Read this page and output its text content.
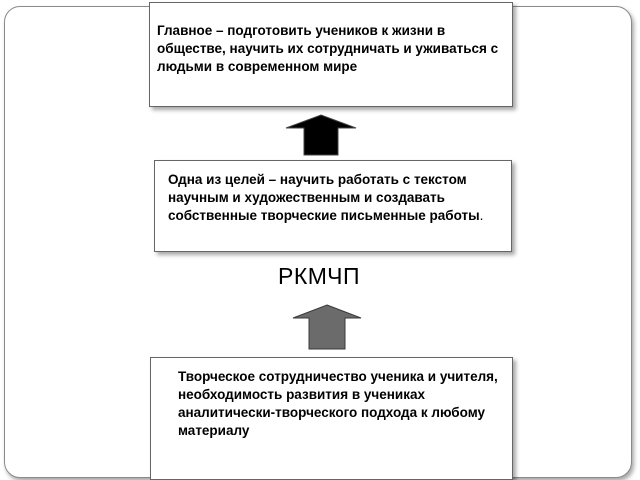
Главное – подготовить учеников к жизни в обществе, научить их сотрудничать и уживаться с людьми в современном мире
Одна из целей – научить работать с текстом научным и художественным и создавать собственные творческие письменные работы.
РКМЧП
Творческое сотрудничество ученика и учителя, необходимость развития в учениках аналитически-творческого подхода к любому материалу
